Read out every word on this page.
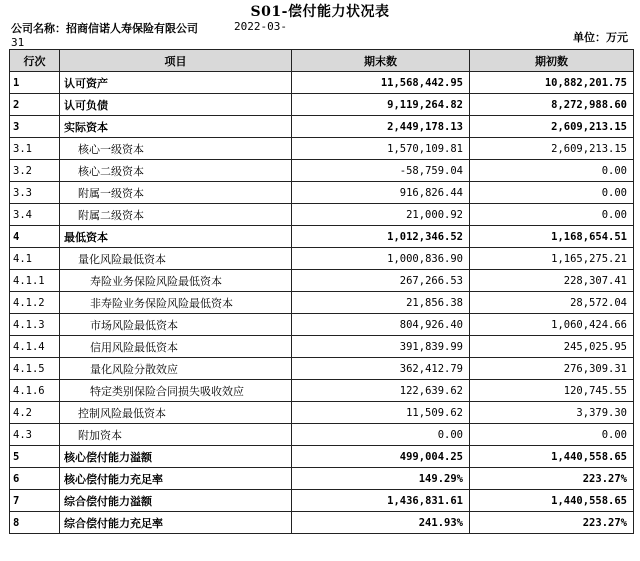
S01-偿付能力状况表
公司名称：招商信诺人寿保险有限公司	2022-03-
31	单位：万元
行次	项目	期末数	期初数
1	认可资产	11,568,442.95	10,882,201.75
2	认可负债	9,119,264.82	8,272,988.60
3	实际资本	2,449,178.13	2,609,213.15
3.1	核心一级资本	1,570,109.81	2,609,213.15
3.2	核心二级资本	-58,759.04	0.00
3.3	附属一级资本	916,826.44	0.00
3.4	附属二级资本	21,000.92	0.00
4	最低资本	1,012,346.52	1,168,654.51
4.1	量化风险最低资本	1,000,836.90	1,165,275.21
4.1.1	寿险业务保险风险最低资本	267,266.53	228,307.41
4.1.2	非寿险业务保险风险最低资本	21,856.38	28,572.04
4.1.3	市场风险最低资本	804,926.40	1,060,424.66
4.1.4	信用风险最低资本	391,839.99	245,025.95
4.1.5	量化风险分散效应	362,412.79	276,309.31
4.1.6	特定类别保险合同损失吸收效应	122,639.62	120,745.55
4.2	控制风险最低资本	11,509.62	3,379.30
4.3	附加资本	0.00	0.00
5	核心偿付能力溢额	499,004.25	1,440,558.65
6	核心偿付能力充足率	149.29%	223.27%
7	综合偿付能力溢额	1,436,831.61	1,440,558.65
8	综合偿付能力充足率	241.93%	223.27%
